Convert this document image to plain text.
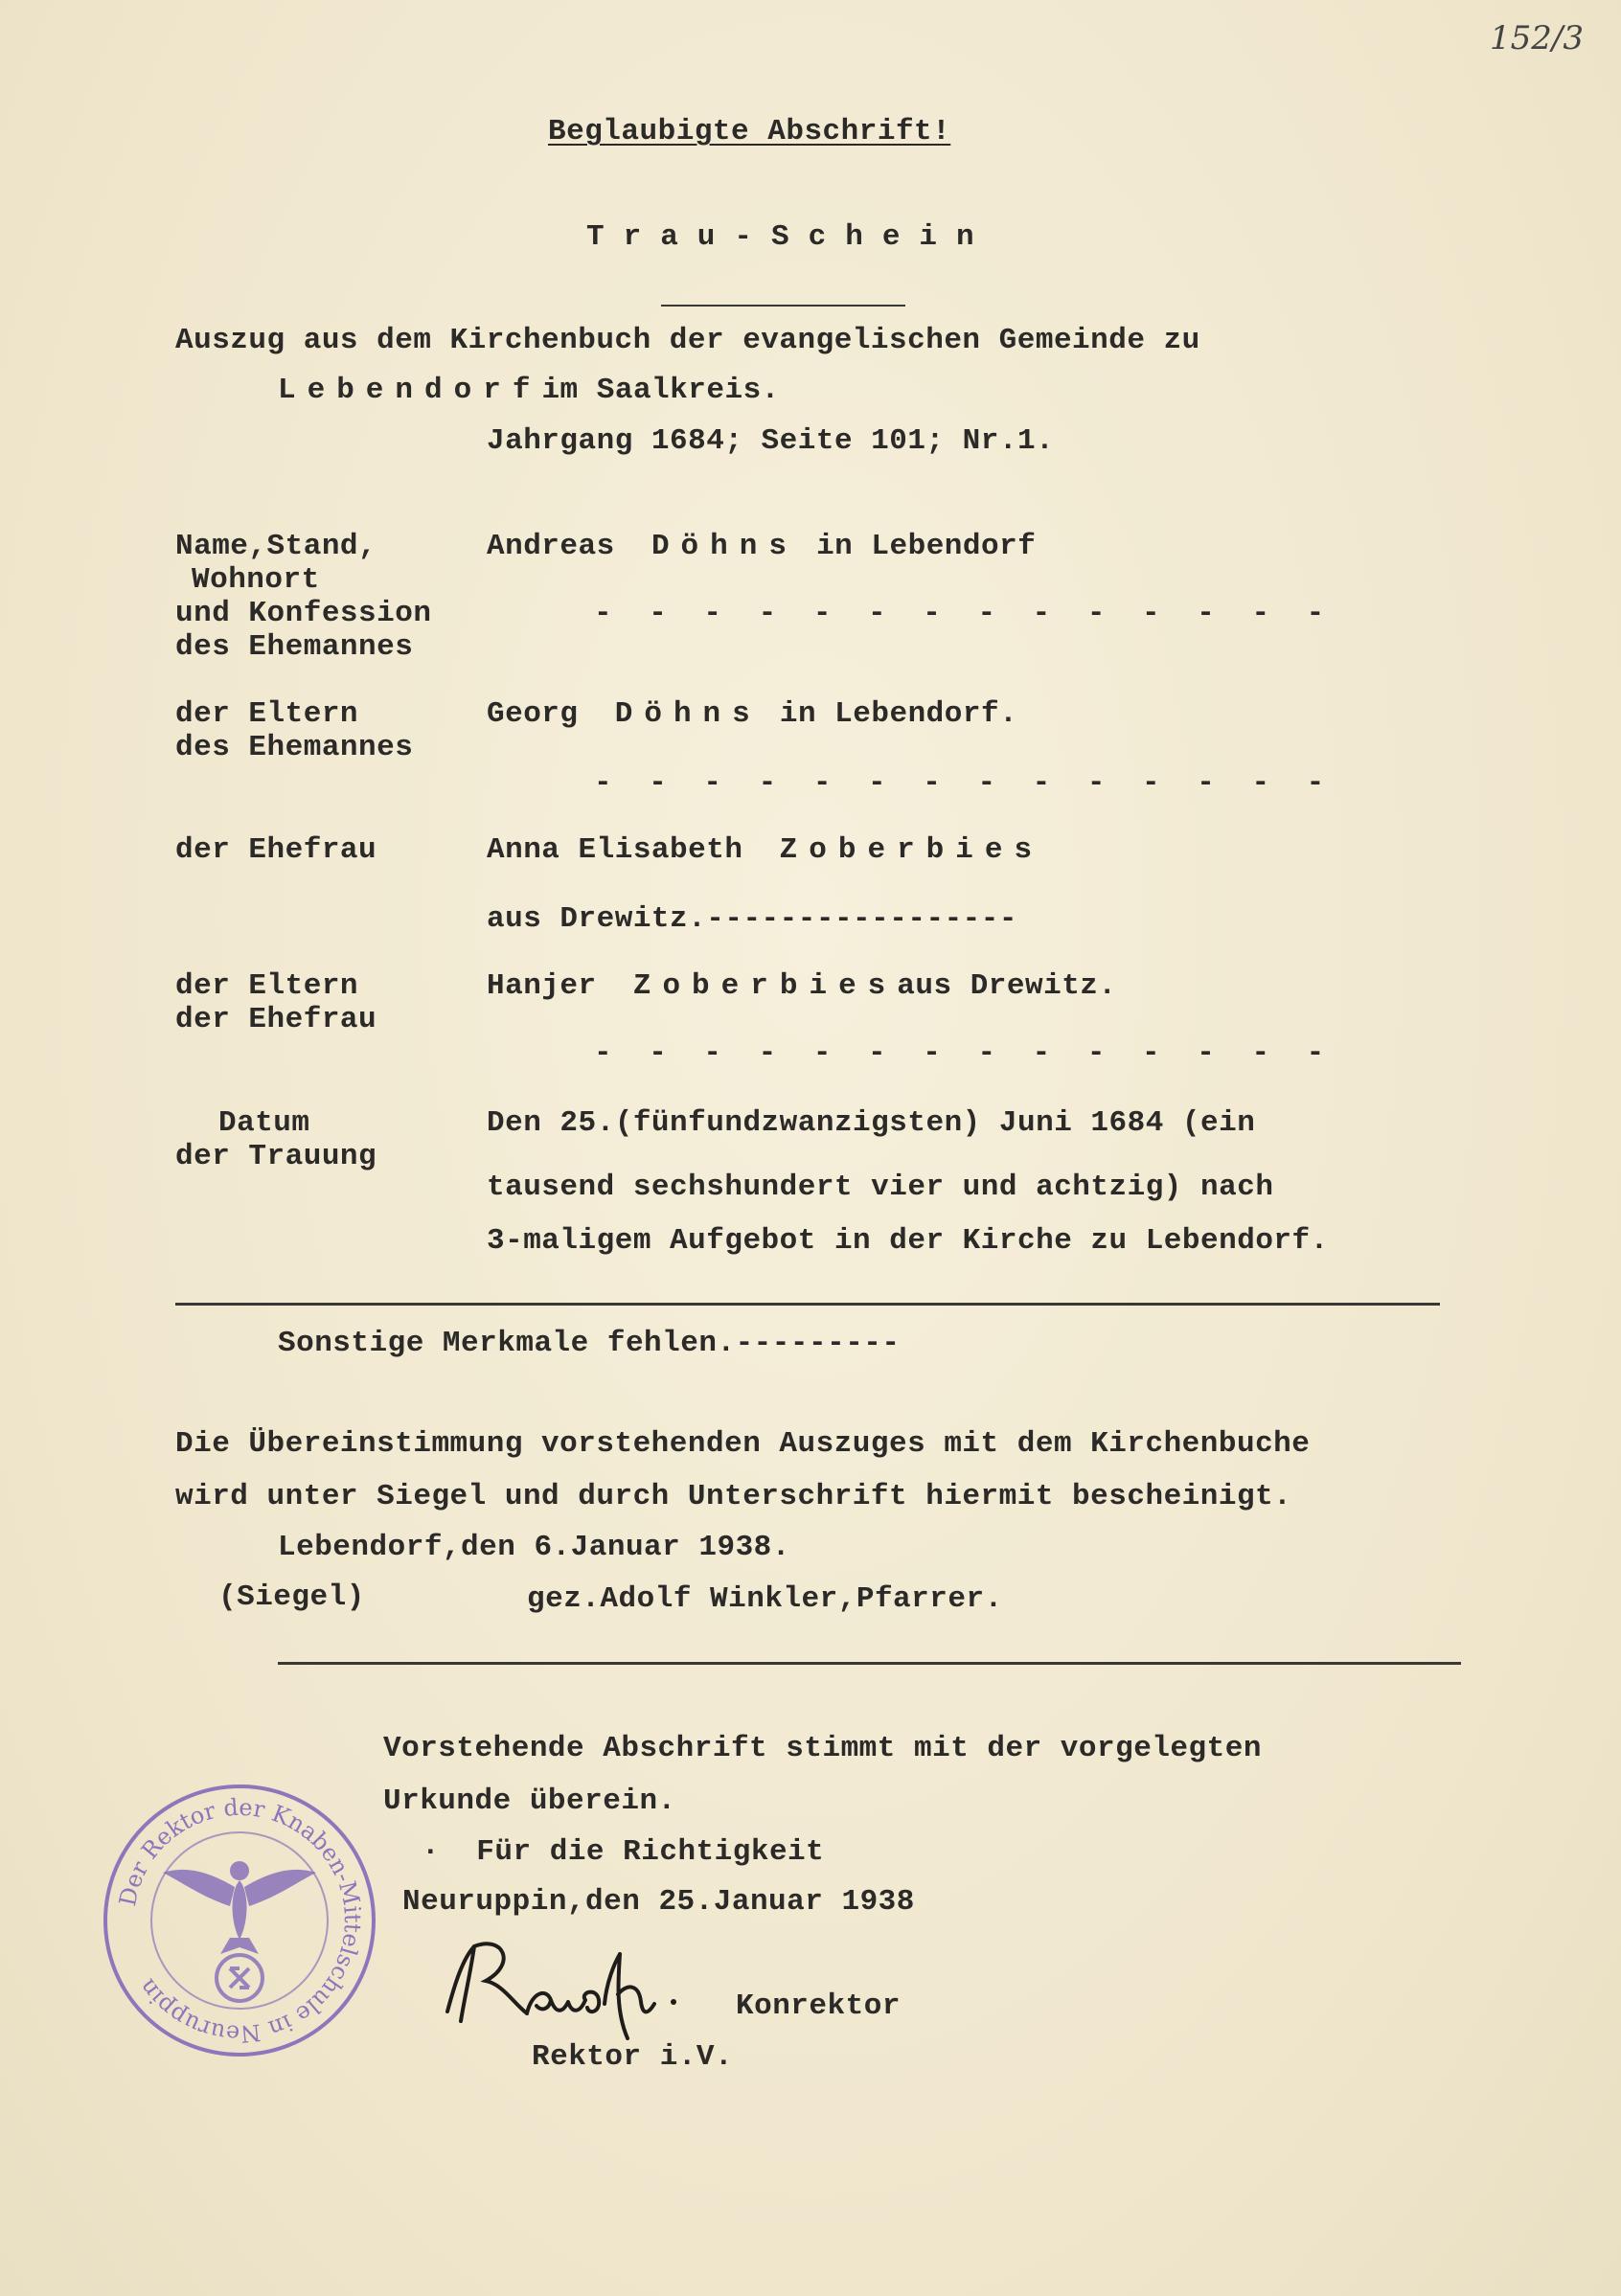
152/3
Beglaubigte Abschrift!
Trau-Schein
Auszug aus dem Kirchenbuch der evangelischen Gemeinde zu
Lebendorfim Saalkreis.
Jahrgang 1684; Seite 101; Nr.1.
Name,Stand,
Wohnort
und Konfession
des Ehemannes
Andreas Döhns in Lebendorf
- - - - - - - - - - - - - -
der Eltern
des Ehemannes
Georg Döhns in Lebendorf.
- - - - - - - - - - - - - -
der Ehefrau	Anna Elisabeth Zoberbies
aus Drewitz.-----------------
der Eltern
der Ehefrau
Hanjer Zoberbiesaus Drewitz.
- - - - - - - - - - - - - -
Datum
der Trauung
Den 25.(fünfundzwanzigsten) Juni 1684 (ein
tausend sechshundert vier und achtzig) nach
3-maligem Aufgebot in der Kirche zu Lebendorf.
Sonstige Merkmale fehlen.---------
Die Übereinstimmung vorstehenden Auszuges mit dem Kirchenbuche
wird unter Siegel und durch Unterschrift hiermit bescheinigt.
Lebendorf,den 6.Januar 1938.
(Siegel)	gez.Adolf Winkler,Pfarrer.
Vorstehende Abschrift stimmt mit der vorgelegten
Urkunde überein.
·  Für die Richtigkeit
Neuruppin,den 25.Januar 1938
Konrektor
Rektor i.V.
Der Rektor der Knaben-Mittelschule in Neuruppin
